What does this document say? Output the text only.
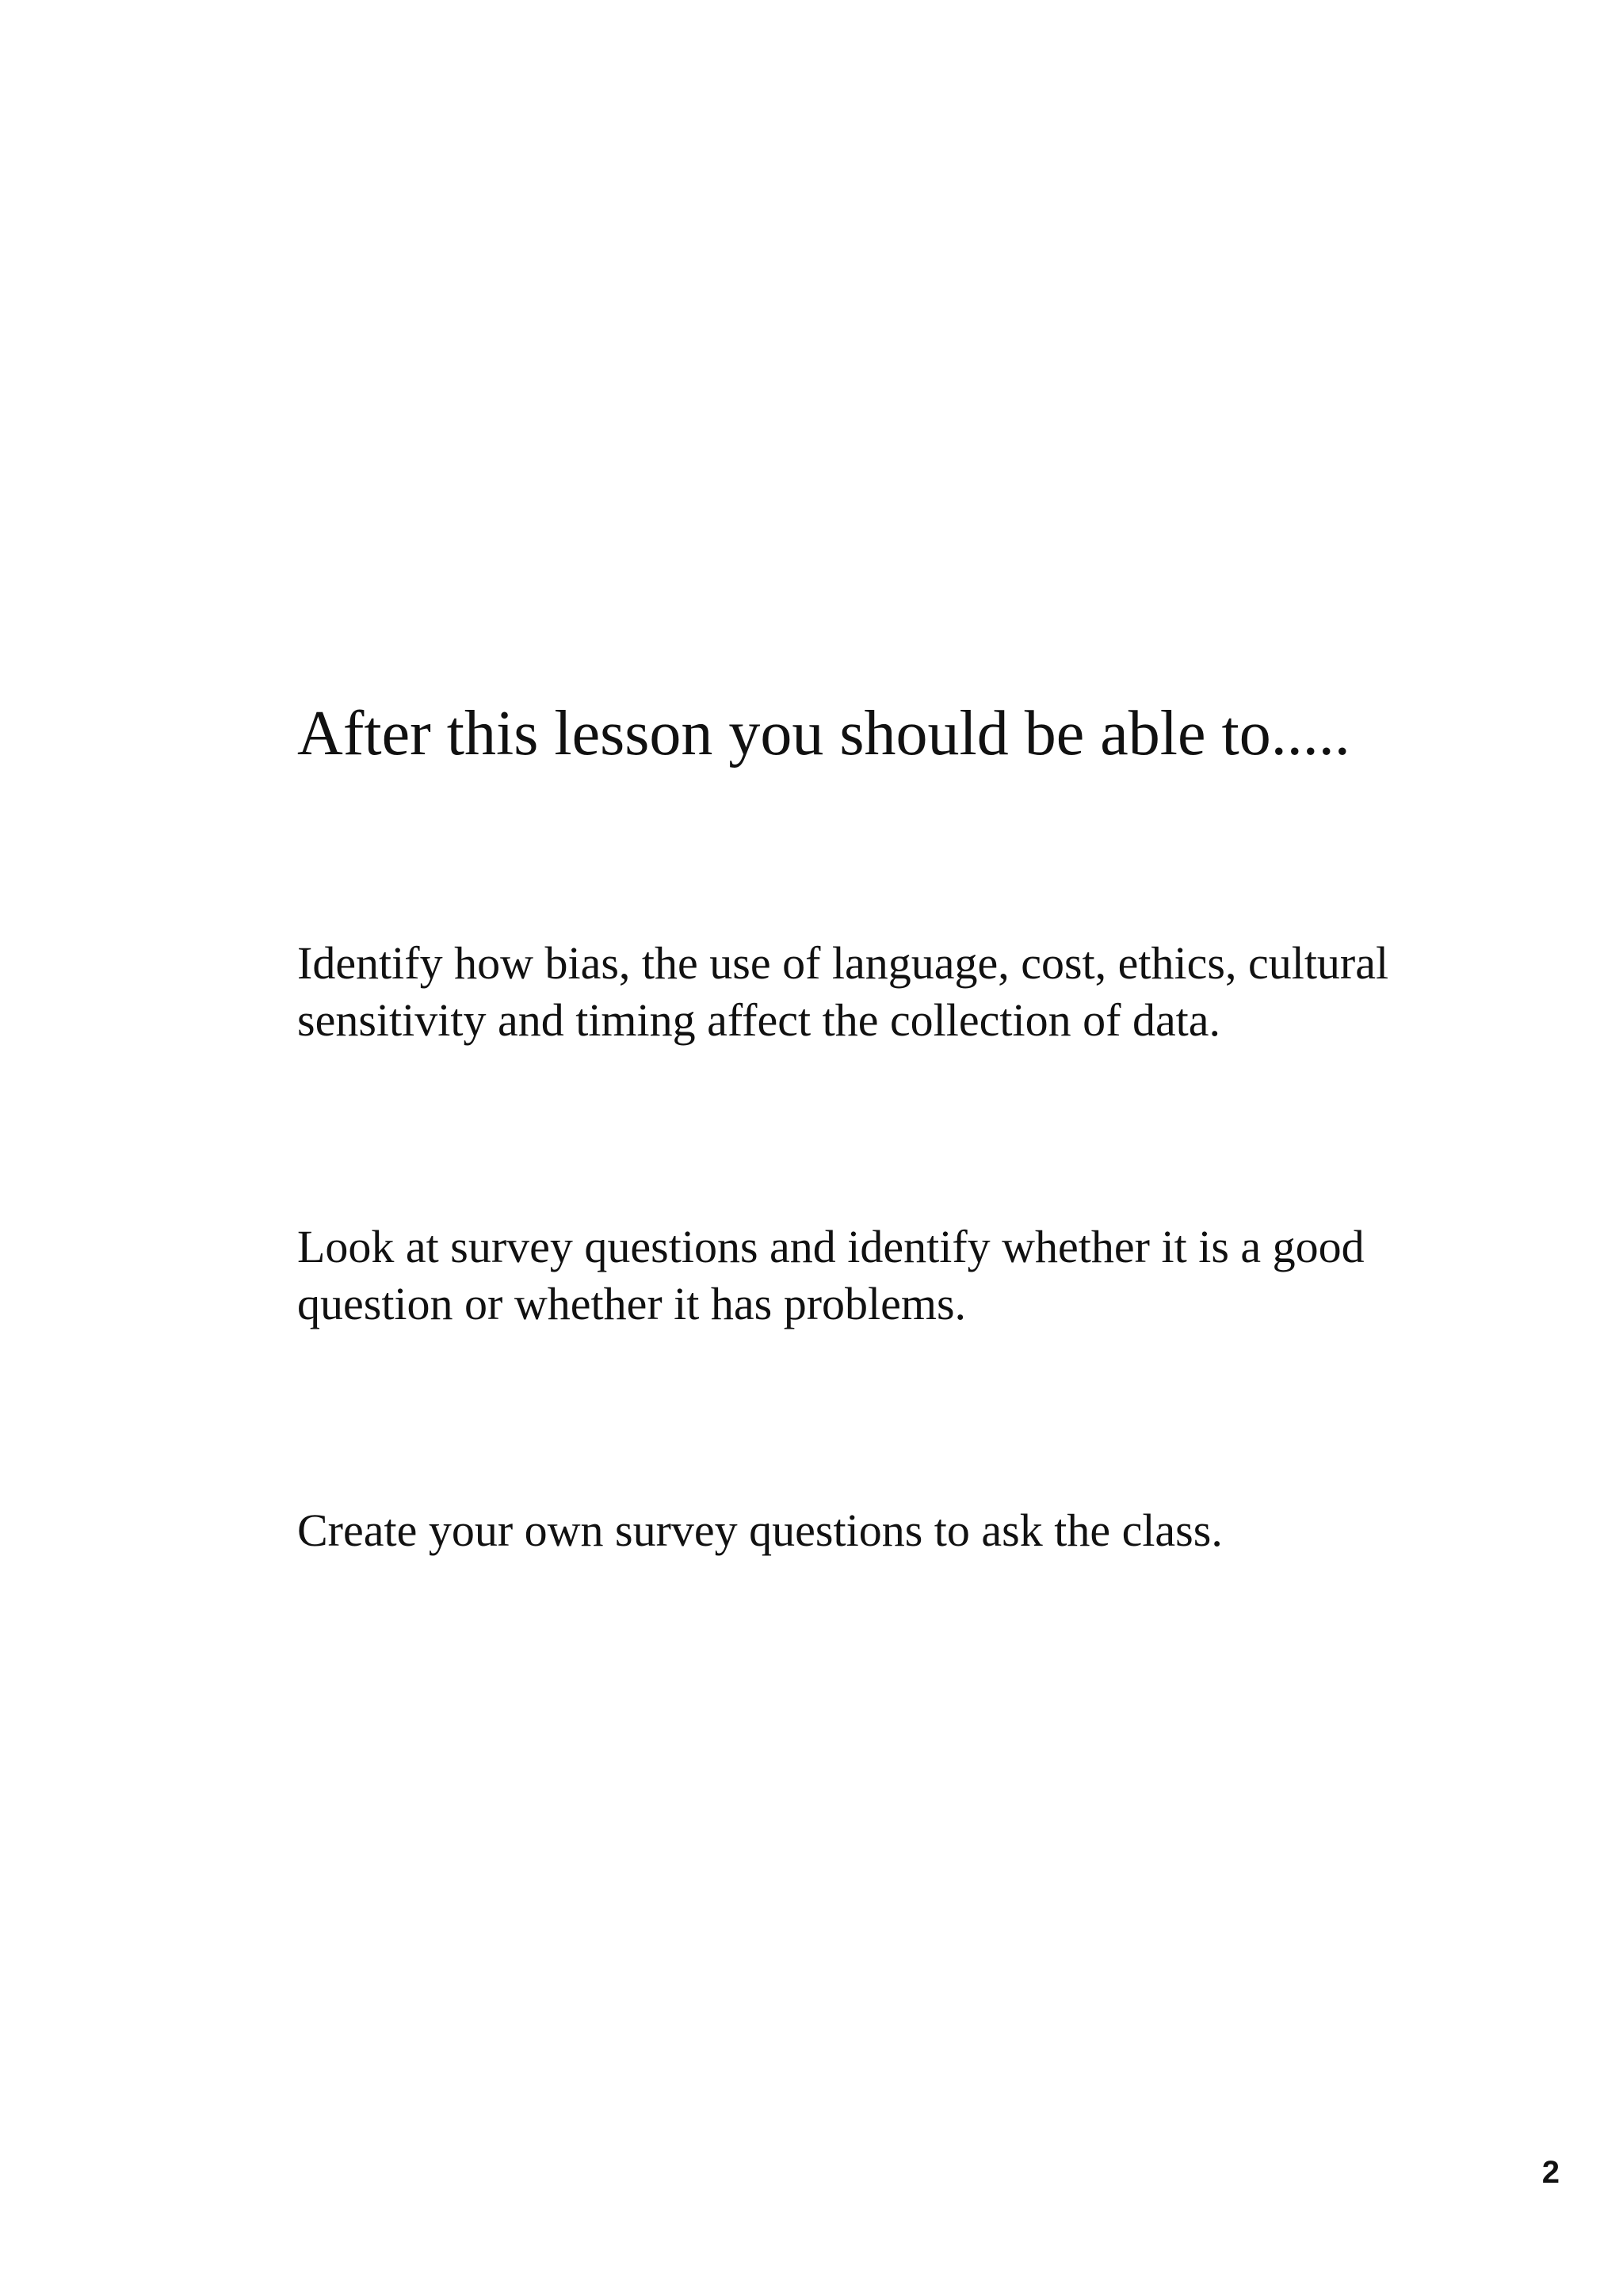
After this lesson you should be able to.....
Identify how bias, the use of language, cost, ethics, cultural sensitivity and timing affect the collection of data.
Look at survey questions and identify whether it is a good question or whether it has problems.
Create your own survey questions to ask the class.
2
